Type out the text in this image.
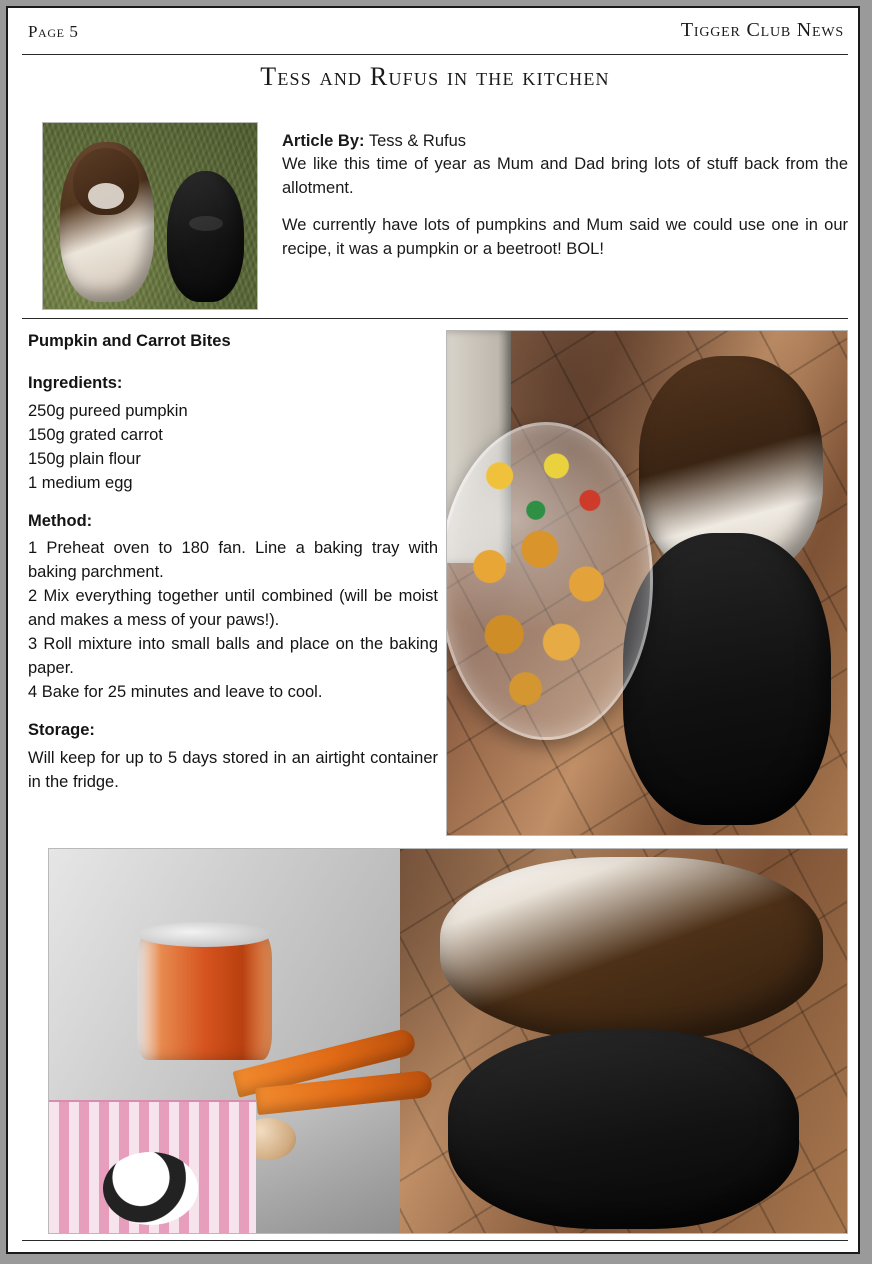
Page 5	Tigger Club News
Tess and Rufus in the kitchen

Article By: Tess & Rufus
We like this time of year as Mum and Dad bring lots of stuff back from the allotment.

We currently have lots of pumpkins and Mum said we could use one in our recipe, it was a pumpkin or a beetroot! BOL!

Pumpkin and Carrot Bites
Ingredients:
250g pureed pumpkin
150g grated carrot
150g plain flour
1 medium egg
Method:
1 Preheat oven to 180 fan. Line a baking tray with baking parchment.
2 Mix everything together until combined (will be moist and makes a mess of your paws!).
3 Roll mixture into small balls and place on the baking paper.
4 Bake for 25 minutes and leave to cool.
Storage:
Will keep for up to 5 days stored in an airtight container in the fridge.
